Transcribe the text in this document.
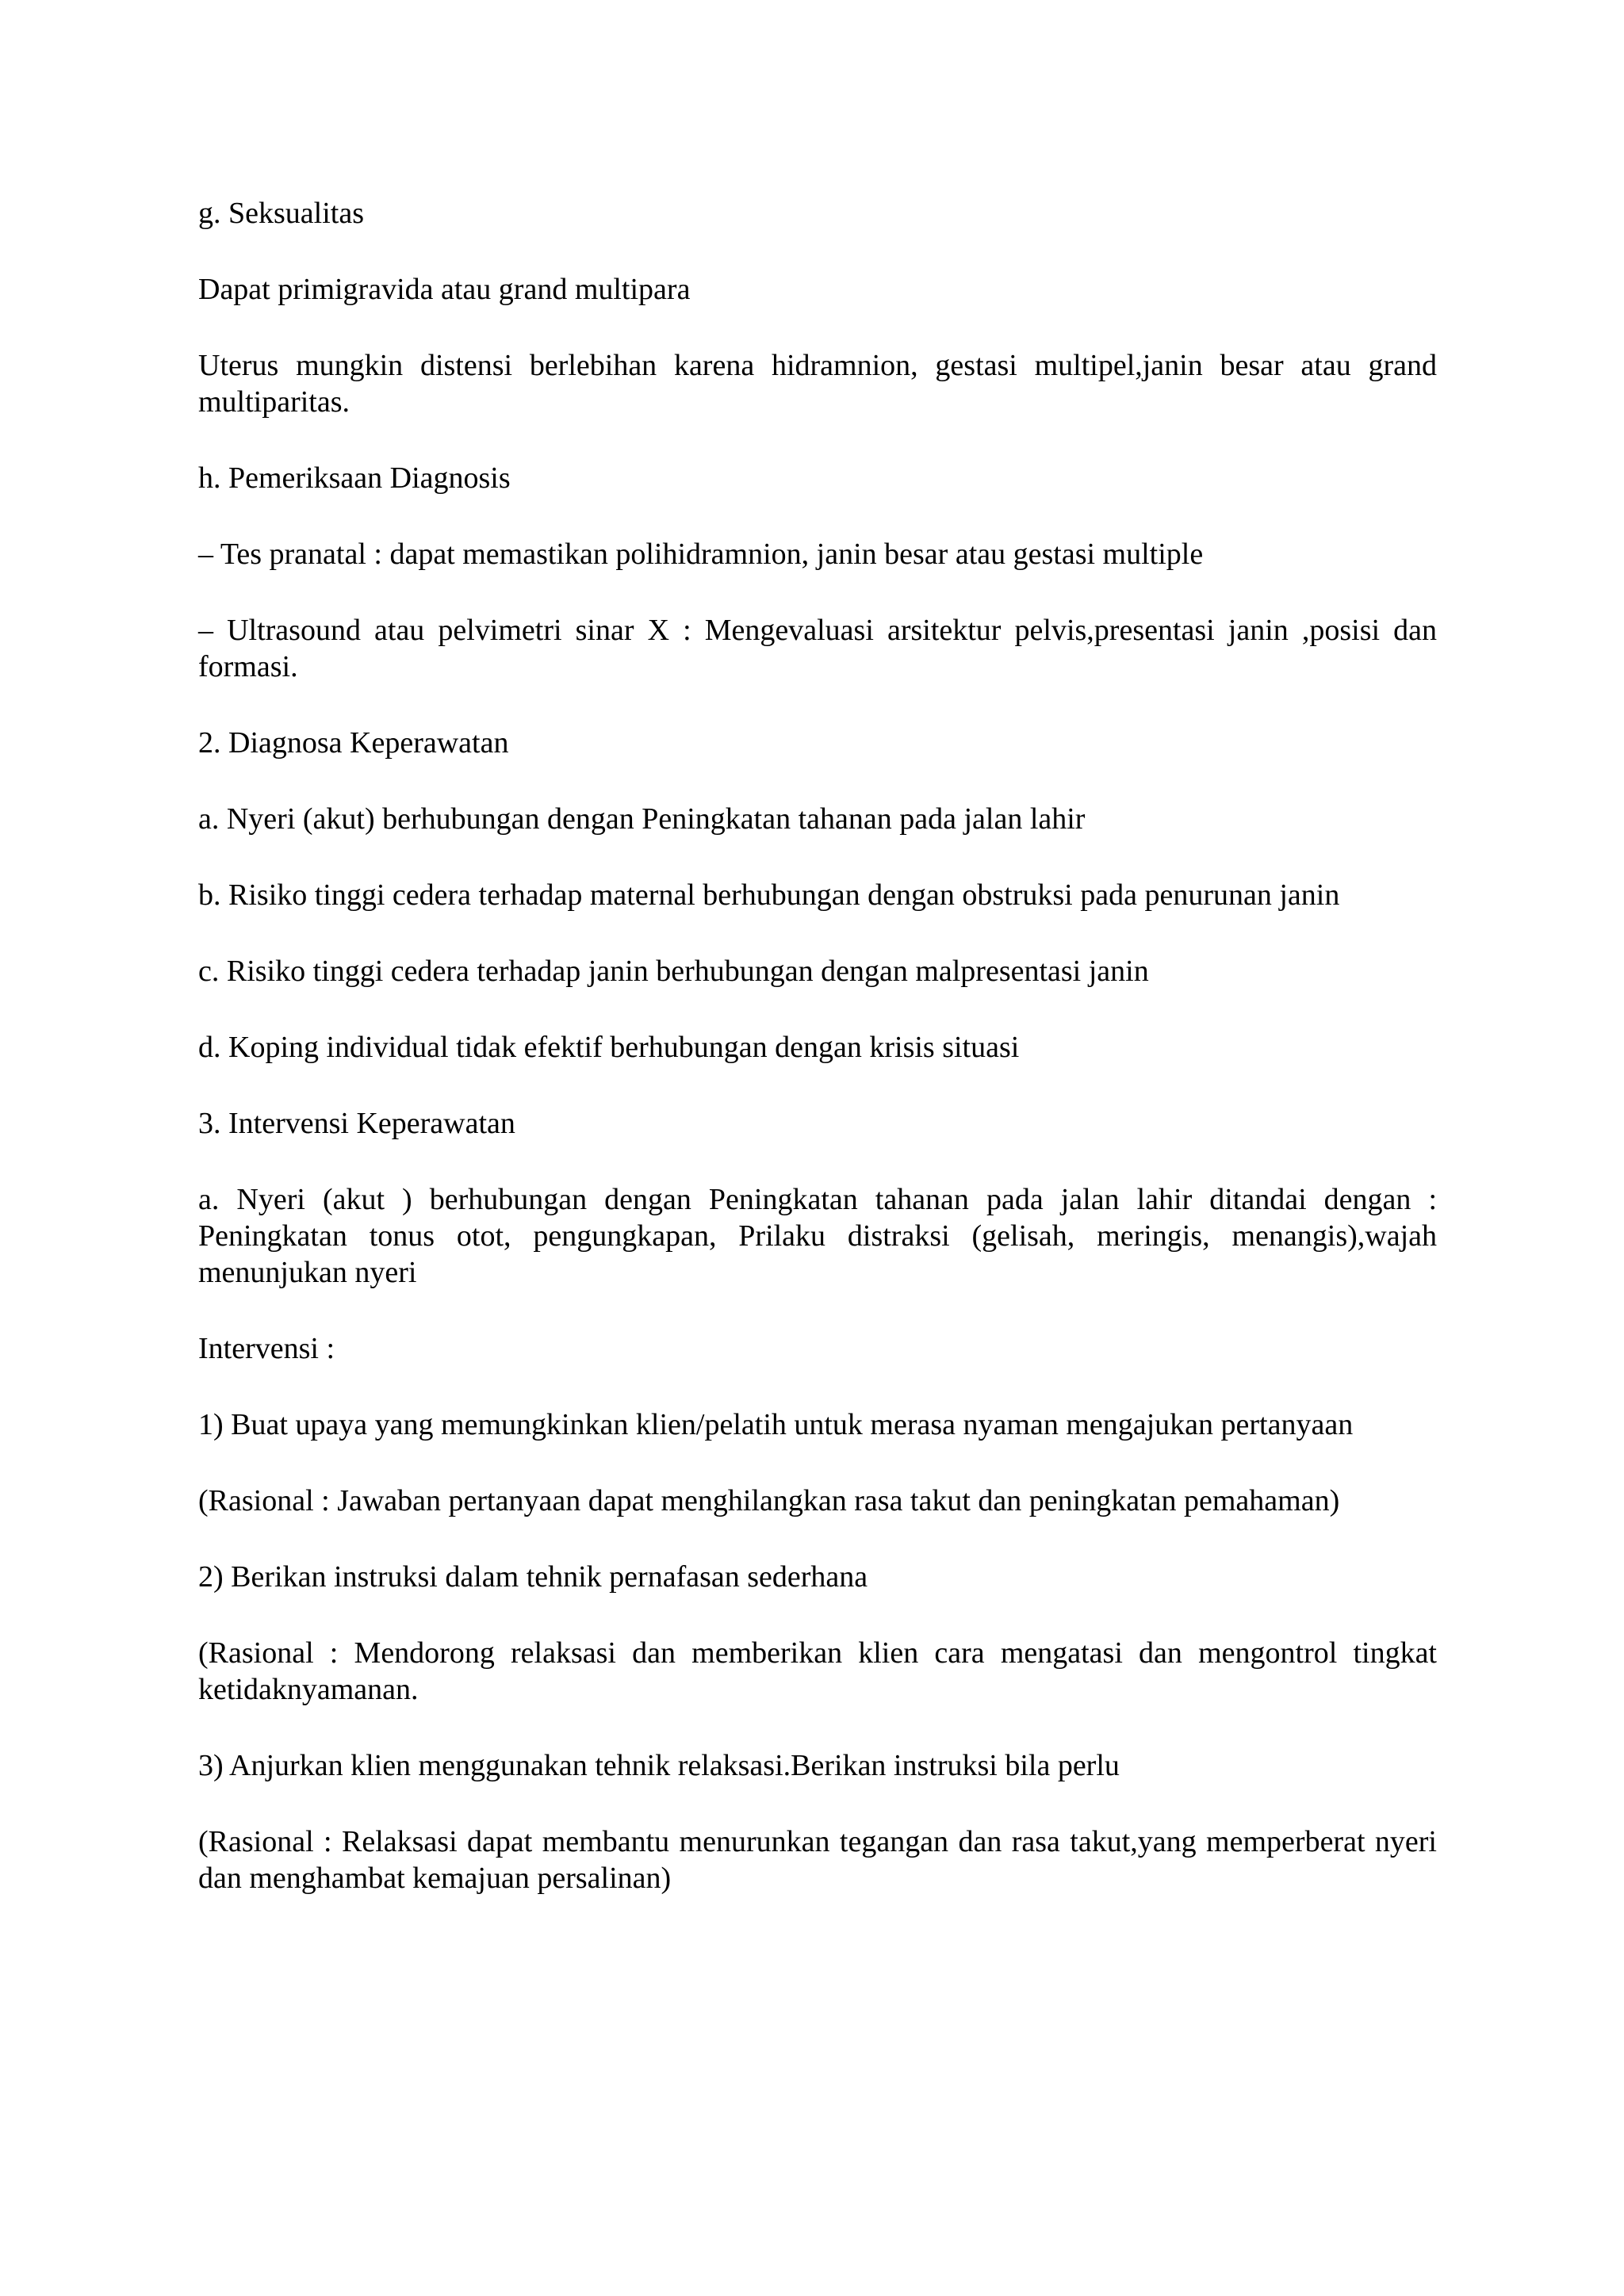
g. Seksualitas

Dapat primigravida atau grand multipara

Uterus mungkin distensi berlebihan karena hidramnion, gestasi multipel,janin besar atau grand multiparitas.

h. Pemeriksaan Diagnosis

– Tes pranatal : dapat memastikan polihidramnion, janin besar atau gestasi multiple

– Ultrasound atau pelvimetri sinar X : Mengevaluasi arsitektur pelvis,presentasi janin ,posisi dan formasi.

2. Diagnosa Keperawatan

a. Nyeri (akut) berhubungan dengan Peningkatan tahanan pada jalan lahir

b. Risiko tinggi cedera terhadap maternal berhubungan dengan obstruksi pada penurunan janin

c. Risiko tinggi cedera terhadap janin berhubungan dengan malpresentasi janin

d. Koping individual tidak efektif berhubungan dengan krisis situasi

3. Intervensi Keperawatan

a. Nyeri (akut ) berhubungan dengan Peningkatan tahanan pada jalan lahir ditandai dengan : Peningkatan tonus otot, pengungkapan, Prilaku distraksi (gelisah, meringis, menangis),wajah menunjukan nyeri

Intervensi :

1) Buat upaya yang memungkinkan klien/pelatih untuk merasa nyaman mengajukan pertanyaan

(Rasional : Jawaban pertanyaan dapat menghilangkan rasa takut dan peningkatan pemahaman)

2) Berikan instruksi dalam tehnik pernafasan sederhana

(Rasional : Mendorong relaksasi dan memberikan klien cara mengatasi dan mengontrol tingkat ketidaknyamanan.

3) Anjurkan klien menggunakan tehnik relaksasi.Berikan instruksi bila perlu

(Rasional : Relaksasi dapat membantu menurunkan tegangan dan rasa takut,yang memperberat nyeri dan menghambat kemajuan persalinan)
